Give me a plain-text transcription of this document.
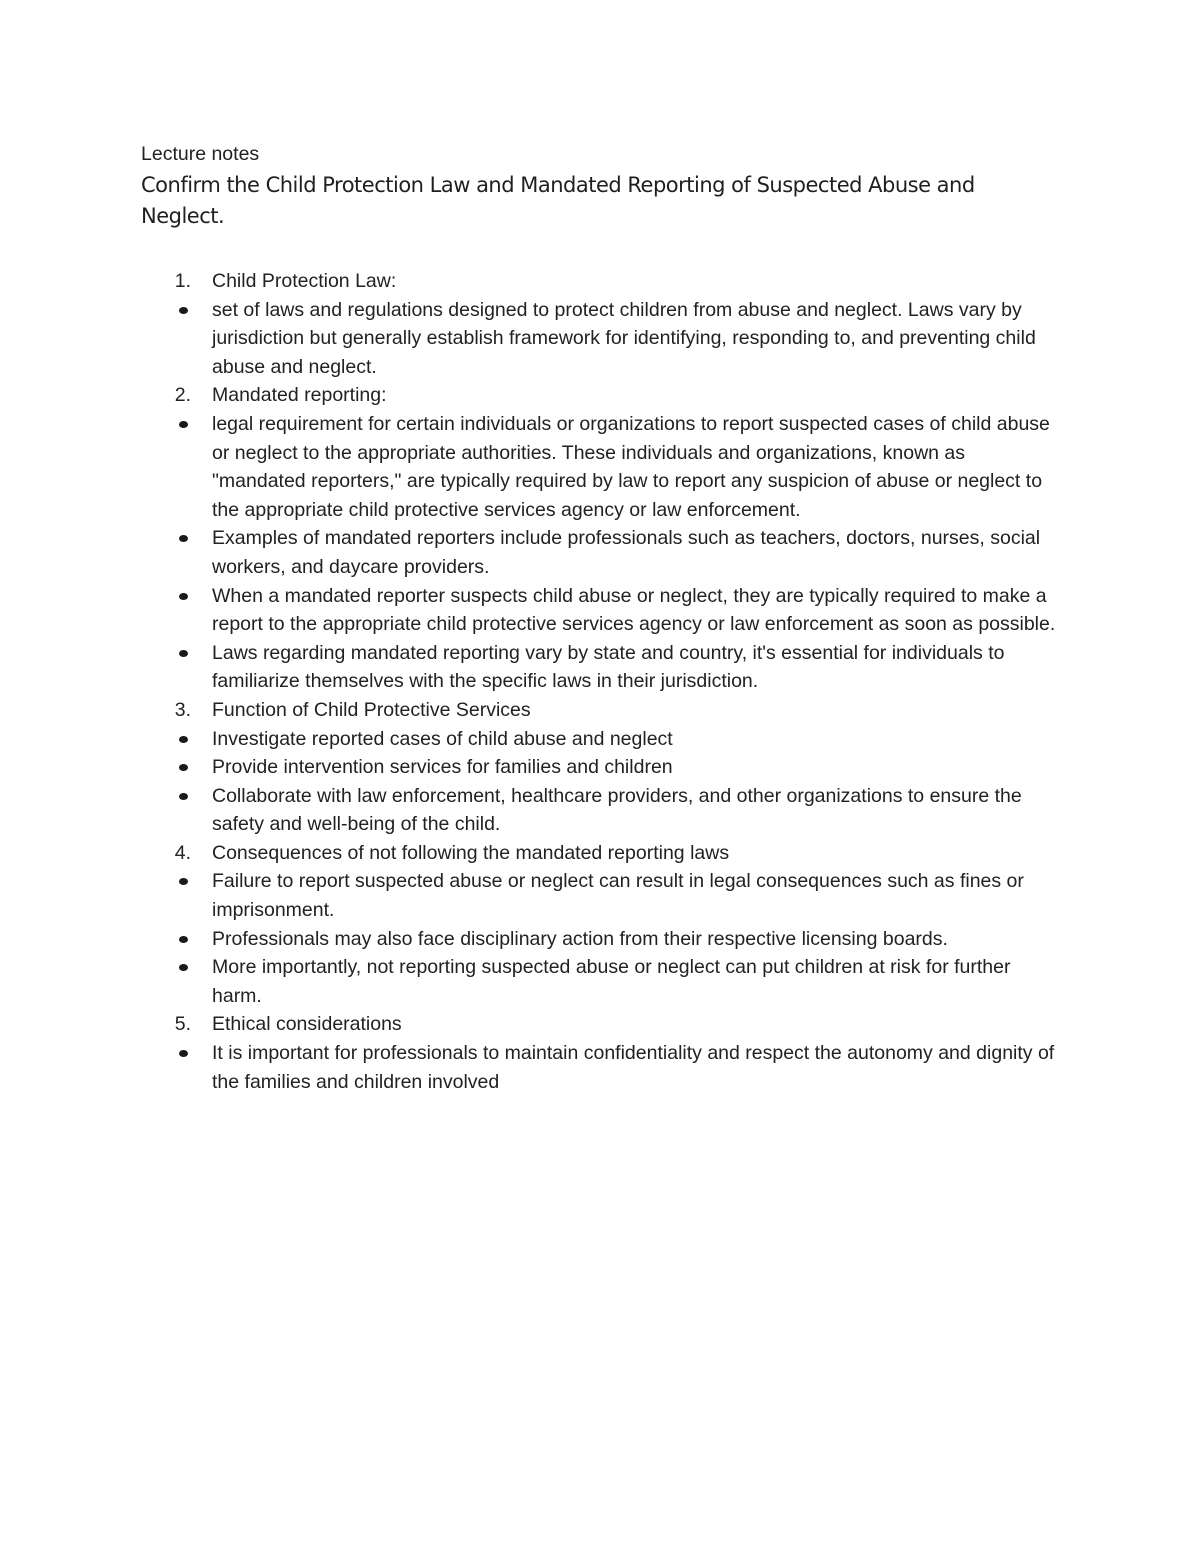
Lecture notes

Confirm the Child Protection Law and Mandated Reporting of Suspected Abuse and Neglect.
1. Child Protection Law:
set of laws and regulations designed to protect children from abuse and neglect. Laws vary by jurisdiction but generally establish framework for identifying, responding to, and preventing child abuse and neglect.
2. Mandated reporting:
legal requirement for certain individuals or organizations to report suspected cases of child abuse or neglect to the appropriate authorities. These individuals and organizations, known as "mandated reporters," are typically required by law to report any suspicion of abuse or neglect to the appropriate child protective services agency or law enforcement.
Examples of mandated reporters include professionals such as teachers, doctors, nurses, social workers, and daycare providers.
When a mandated reporter suspects child abuse or neglect, they are typically required to make a report to the appropriate child protective services agency or law enforcement as soon as possible.
Laws regarding mandated reporting vary by state and country, it's essential for individuals to familiarize themselves with the specific laws in their jurisdiction.
3. Function of Child Protective Services
Investigate reported cases of child abuse and neglect
Provide intervention services for families and children
Collaborate with law enforcement, healthcare providers, and other organizations to ensure the safety and well-being of the child.
4. Consequences of not following the mandated reporting laws
Failure to report suspected abuse or neglect can result in legal consequences such as fines or imprisonment.
Professionals may also face disciplinary action from their respective licensing boards.
More importantly, not reporting suspected abuse or neglect can put children at risk for further harm.
5. Ethical considerations
It is important for professionals to maintain confidentiality and respect the autonomy and dignity of the families and children involved
